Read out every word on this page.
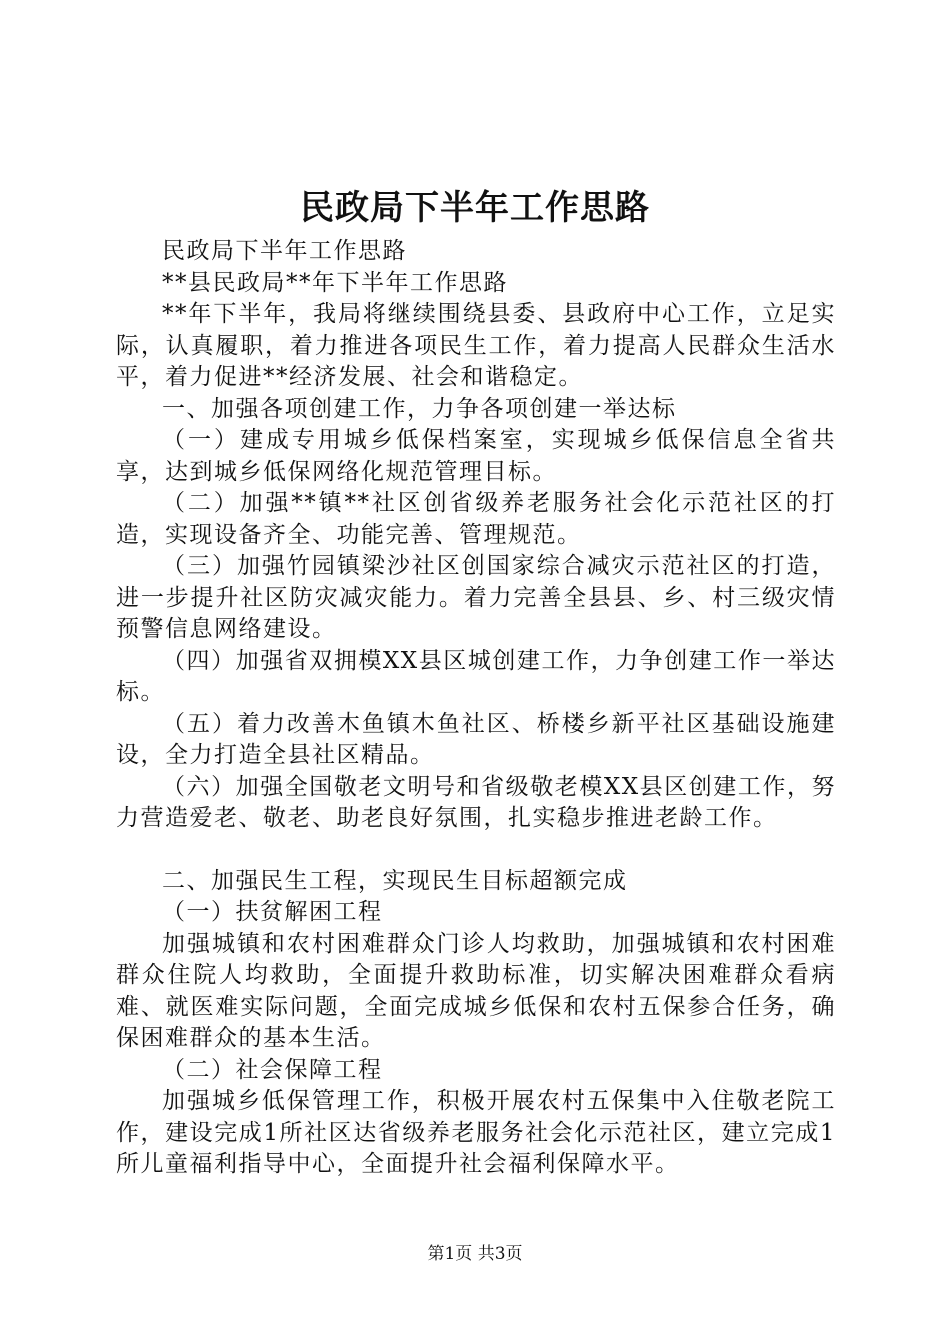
民政局下半年工作思路

民政局下半年工作思路

**县民政局**年下半年工作思路

**年下半年，我局将继续围绕县委、县政府中心工作，立足实际，认真履职，着力推进各项民生工作，着力提高人民群众生活水平，着力促进**经济发展、社会和谐稳定。

一、加强各项创建工作，力争各项创建一举达标

（一）建成专用城乡低保档案室，实现城乡低保信息全省共享，达到城乡低保网络化规范管理目标。

（二）加强**镇**社区创省级养老服务社会化示范社区的打造，实现设备齐全、功能完善、管理规范。

（三）加强竹园镇梁沙社区创国家综合减灾示范社区的打造，进一步提升社区防灾减灾能力。着力完善全县县、乡、村三级灾情预警信息网络建设。

（四）加强省双拥模XX县区城创建工作，力争创建工作一举达标。

（五）着力改善木鱼镇木鱼社区、桥楼乡新平社区基础设施建设，全力打造全县社区精品。

（六）加强全国敬老文明号和省级敬老模XX县区创建工作，努力营造爱老、敬老、助老良好氛围，扎实稳步推进老龄工作。

二、加强民生工程，实现民生目标超额完成

（一）扶贫解困工程

加强城镇和农村困难群众门诊人均救助，加强城镇和农村困难群众住院人均救助，全面提升救助标准，切实解决困难群众看病难、就医难实际问题，全面完成城乡低保和农村五保参合任务，确保困难群众的基本生活。

（二）社会保障工程

加强城乡低保管理工作，积极开展农村五保集中入住敬老院工作，建设完成1所社区达省级养老服务社会化示范社区，建立完成1所儿童福利指导中心，全面提升社会福利保障水平。

第1页 共3页
